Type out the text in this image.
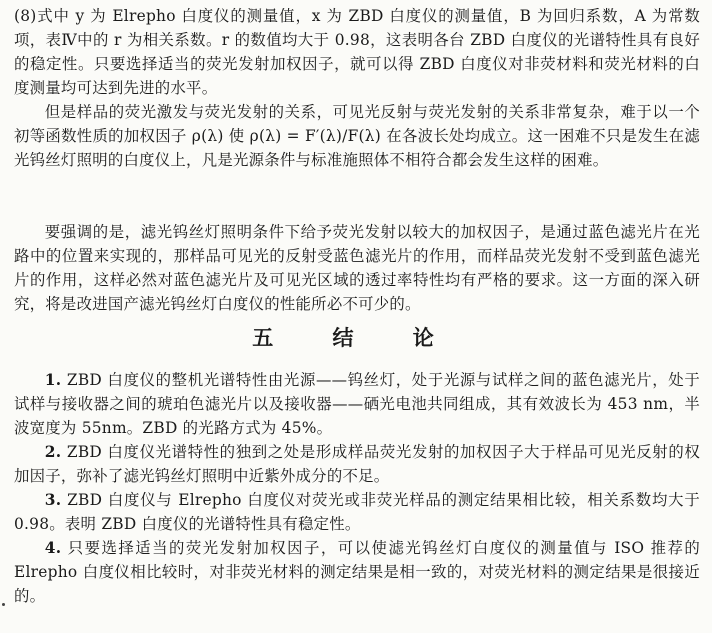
(8)式中 y 为 Elrepho 白度仪的测量值，x 为 ZBD 白度仪的测量值，B 为回归系数，A 为常数项，表Ⅳ中的 r 为相关系数。r 的数值均大于 0.98，这表明各台 ZBD 白度仪的光谱特性具有良好的稳定性。只要选择适当的荧光发射加权因子，就可以得 ZBD 白度仪对非荧材料和荧光材料的白度测量均可达到先进的水平。

但是样品的荧光激发与荧光发射的关系，可见光反射与荧光发射的关系非常复杂，难于以一个初等函数性质的加权因子 ρ(λ) 使 ρ(λ) = F′(λ)/F(λ) 在各波长处均成立。这一困难不只是发生在滤光钨丝灯照明的白度仪上，凡是光源条件与标准施照体不相符合都会发生这样的困难。

要强调的是，滤光钨丝灯照明条件下给予荧光发射以较大的加权因子，是通过蓝色滤光片在光路中的位置来实现的，那样品可见光的反射受蓝色滤光片的作用，而样品荧光发射不受到蓝色滤光片的作用，这样必然对蓝色滤光片及可见光区域的透过率特性均有严格的要求。这一方面的深入研究，将是改进国产滤光钨丝灯白度仪的性能所必不可少的。

五 结 论

1. ZBD 白度仪的整机光谱特性由光源——钨丝灯，处于光源与试样之间的蓝色滤光片，处于试样与接收器之间的琥珀色滤光片以及接收器——硒光电池共同组成，其有效波长为 453 nm，半波宽度为 55nm。ZBD 的光路方式为 45%。

2. ZBD 白度仪光谱特性的独到之处是形成样品荧光发射的加权因子大于样品可见光反射的权加因子，弥补了滤光钨丝灯照明中近紫外成分的不足。

3. ZBD 白度仪与 Elrepho 白度仪对荧光或非荧光样品的测定结果相比较，相关系数均大于 0.98。表明 ZBD 白度仪的光谱特性具有稳定性。

4. 只要选择适当的荧光发射加权因子，可以使滤光钨丝灯白度仪的测量值与 ISO 推荐的 Elrepho 白度仪相比较时，对非荧光材料的测定结果是相一致的，对荧光材料的测定结果是很接近的。
